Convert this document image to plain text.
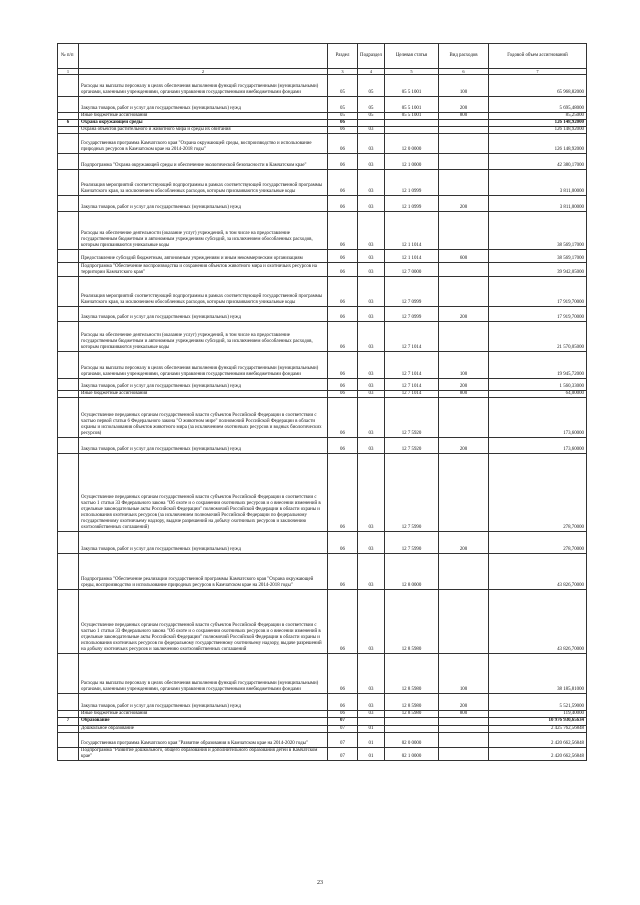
№ п/п		Раздел	Подраздел	Целевая статья	Вид расходов	Годовой объем ассигнований
1	2	3	4	5	6	7
	Расходы на выплаты персоналу в целях обеспечения выполнения функций государственными (муниципальными) органами, казенными учреждениями, органами управления государственными внебюджетными фондами	05	05	05 5 1001	100	65 968,82000
	Закупка товаров, работ и услуг для государственных (муниципальных) нужд	05	05	05 5 1001	200	5 695,48000
	Иные бюджетные ассигнования	05	05	05 5 1001	800	85,25000
6	Охрана окружающей среды	06				126 148,92000
	Охрана объектов растительного и животного мира и среды их обитания	06	03			126 148,92000
	Государственная программа Камчатского края "Охрана окружающей среды, воспроизводство и использование природных ресурсов в Камчатском крае на 2014-2018 годы"	06	03	12 0 0000		126 148,92000
	Подпрограмма "Охрана окружающей среды и обеспечение экологической безопасности в Камчатском крае"	06	03	12 1 0000		42 380,17000
	Реализация мероприятий соответствующей подпрограммы в рамках соответствующей государственной программы Камчатского края, за исключением обособленных расходов, которым присваиваются уникальные коды	06	03	12 1 0999		3 811,00000
	Закупка товаров, работ и услуг для государственных (муниципальных) нужд	06	03	12 1 0999	200	3 811,00000
	Расходы на обеспечение деятельности (оказание услуг) учреждений, в том числе на предоставление государственным бюджетным и автономным учреждениям субсидий, за исключением обособленных расходов, которым присваиваются уникальные коды	06	03	12 1 1014		38 569,17000
	Предоставление субсидий бюджетным, автономным учреждениям и иным некоммерческим организациям	06	03	12 1 1014	600	38 569,17000
	Подпрограмма "Обеспечение воспроизводства и сохранения объектов животного мира и охотничьих ресурсов на территории Камчатского края"	06	03	12 7 0000		39 942,05000
	Реализация мероприятий соответствующей подпрограммы в рамках соответствующей государственной программы Камчатского края, за исключением обособленных расходов, которым присваиваются уникальные коды	06	03	12 7 0999		17 919,70000
	Закупка товаров, работ и услуг для государственных (муниципальных) нужд	06	03	12 7 0999	200	17 919,70000
	Расходы на обеспечение деятельности (оказание услуг) учреждений, в том числе на предоставление государственным бюджетным и автономным учреждениям субсидий, за исключением обособленных расходов, которым присваиваются уникальные коды	06	03	12 7 1014		21 570,05000
	Расходы на выплаты персоналу в целях обеспечения выполнения функций государственными (муниципальными) органами, казенными учреждениями, органами управления государственными внебюджетными фондами	06	03	12 7 1014	100	19 945,72000
	Закупка товаров, работ и услуг для государственных (муниципальных) нужд	06	03	12 7 1014	200	1 560,33000
	Иные бюджетные ассигнования	06	03	12 7 1014	800	64,00000
	Осуществление переданных органам государственной власти субъектов Российской Федерации в соответствии с частью первой статьи 6 Федерального закона "О животном мире" полномочий Российской Федерации в области охраны и использования объектов животного мира (за исключением охотничьих ресурсов и водных биологических ресурсов)	06	03	12 7 5920		173,60000
	Закупка товаров, работ и услуг для государственных (муниципальных) нужд	06	03	12 7 5920	200	173,60000
	Осуществление переданных органам государственной власти субъектов Российской Федерации в соответствии с частью 1 статьи 33 Федерального закона "Об охоте и о сохранении охотничьих ресурсов и о внесении изменений в отдельные законодательные акты Российской Федерации" полномочий Российской Федерации в области охраны и использования охотничьих ресурсов (за исключением полномочий Российской Федерации по федеральному государственному охотничьему надзору, выдаче разрешений на добычу охотничьих ресурсов и заключению охотхозяйственных соглашений)	06	03	12 7 5990		278,70000
	Закупка товаров, работ и услуг для государственных (муниципальных) нужд	06	03	12 7 5990	200	278,70000
	Подпрограмма "Обеспечение реализации государственной программы Камчатского края "Охрана окружающей среды, воспроизводство и использование природных ресурсов в Камчатском крае на 2014-2018 годы"	06	03	12 8 0000		43 826,70000
	Осуществление переданных органам государственной власти субъектов Российской Федерации в соответствии с частью 1 статьи 33 Федерального закона "Об охоте и о сохранении охотничьих ресурсов и о внесении изменений в отдельные законодательные акты Российской Федерации" полномочий Российской Федерации в области охраны и использования охотничьих ресурсов по федеральному государственному охотничьему надзору, выдаче разрешений на добычу охотничьих ресурсов и заключению охотхозяйственных соглашений	06	03	12 8 5980		43 826,70000
	Расходы на выплаты персоналу в целях обеспечения выполнения функций государственными (муниципальными) органами, казенными учреждениями, органами управления государственными внебюджетными фондами	06	03	12 8 5980	100	38 185,81000
	Закупка товаров, работ и услуг для государственных (муниципальных) нужд	06	03	12 8 5980	200	5 521,59000
	Иные бюджетные ассигнования	06	03	12 8 5980	800	119,40000
7	Образование	07				10 976 930,65634
	Дошкольное образование	07	01			2 425 762,56848
	Государственная программа Камчатского края "Развитие образования в Камчатском крае на 2014-2020 годы"	07	01	02 0 0000		2 420 662,56848
	Подпрограмма "Развитие дошкольного, общего образования и дополнительного образования детей в Камчатском крае"	07	01	02 1 0000		2 420 662,56848
23
